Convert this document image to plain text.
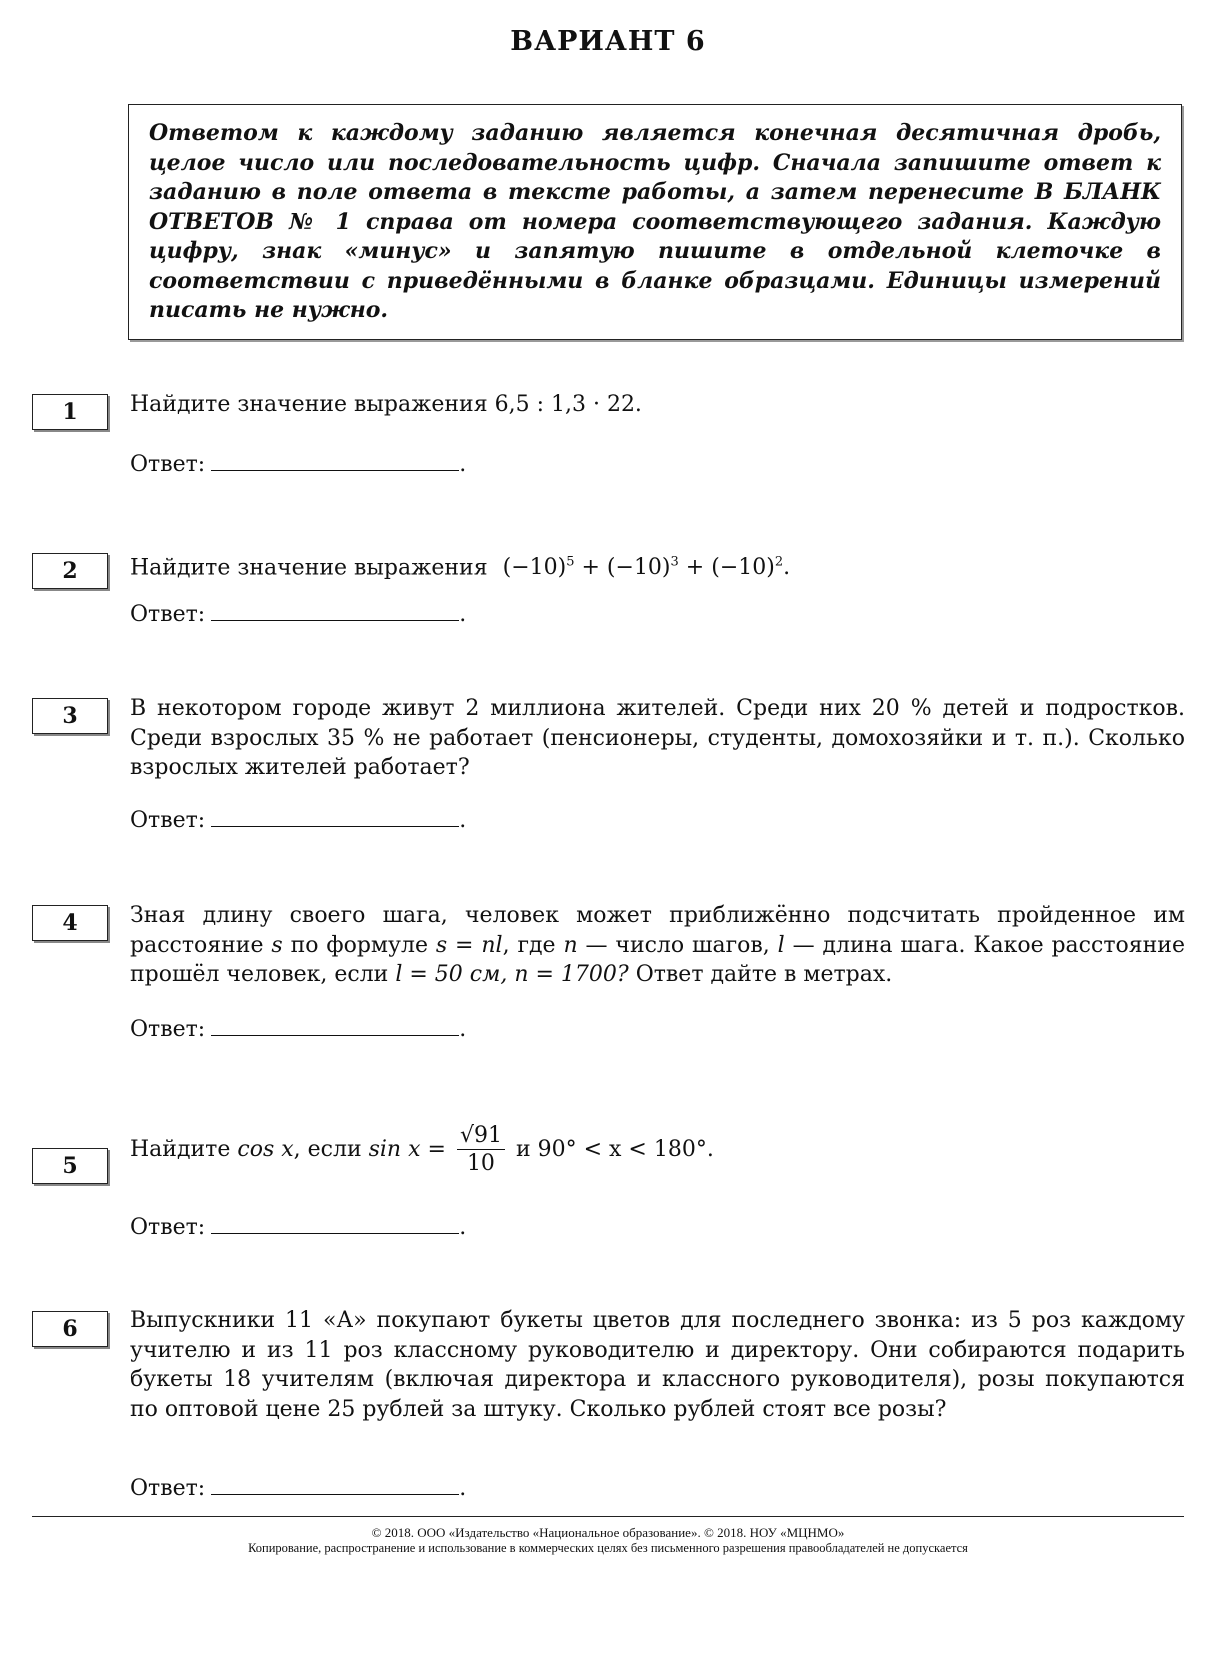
ВАРИАНТ 6
Ответом к каждому заданию является конечная десятичная дробь, целое число или последовательность цифр. Сначала запишите ответ к заданию в поле ответа в тексте работы, а затем перенесите В БЛАНК ОТВЕТОВ № 1 справа от номера соответствующего задания. Каждую цифру, знак «минус» и запятую пишите в отдельной клеточке в соответствии с приведёнными в бланке образцами. Единицы измерений писать не нужно.
1	Найдите значение выражения 6,5 : 1,3 · 22.
Ответ:	.
2	Найдите значение выражения $(-10)^5 + (-10)^3 + (-10)^2$.
Ответ:	.
3	В некотором городе живут 2 миллиона жителей. Среди них 20 % детей и подростков. Среди взрослых 35 % не работает (пенсионеры, студенты, домохозяйки и т. п.). Сколько взрослых жителей работает?
Ответ:	.
4	Зная длину своего шага, человек может приближённо подсчитать пройденное им расстояние s по формуле s = nl, где n — число шагов, l — длина шага. Какое расстояние прошёл человек, если l = 50 см, n = 1700? Ответ дайте в метрах.
Ответ:	.
5
Найдите cos x, если $\sin x = \frac{√91}{10}$ и 90° < x < 180°.
Ответ:	.
6	Выпускники 11 «А» покупают букеты цветов для последнего звонка: из 5 роз каждому учителю и из 11 роз классному руководителю и директору. Они собираются подарить букеты 18 учителям (включая директора и классного руководителя), розы покупаются по оптовой цене 25 рублей за штуку. Сколько рублей стоят все розы?
Ответ:	.
© 2018. ООО «Издательство «Национальное образование». © 2018. НОУ «МЦНМО»
Копирование, распространение и использование в коммерческих целях без письменного разрешения правообладателей не допускается
